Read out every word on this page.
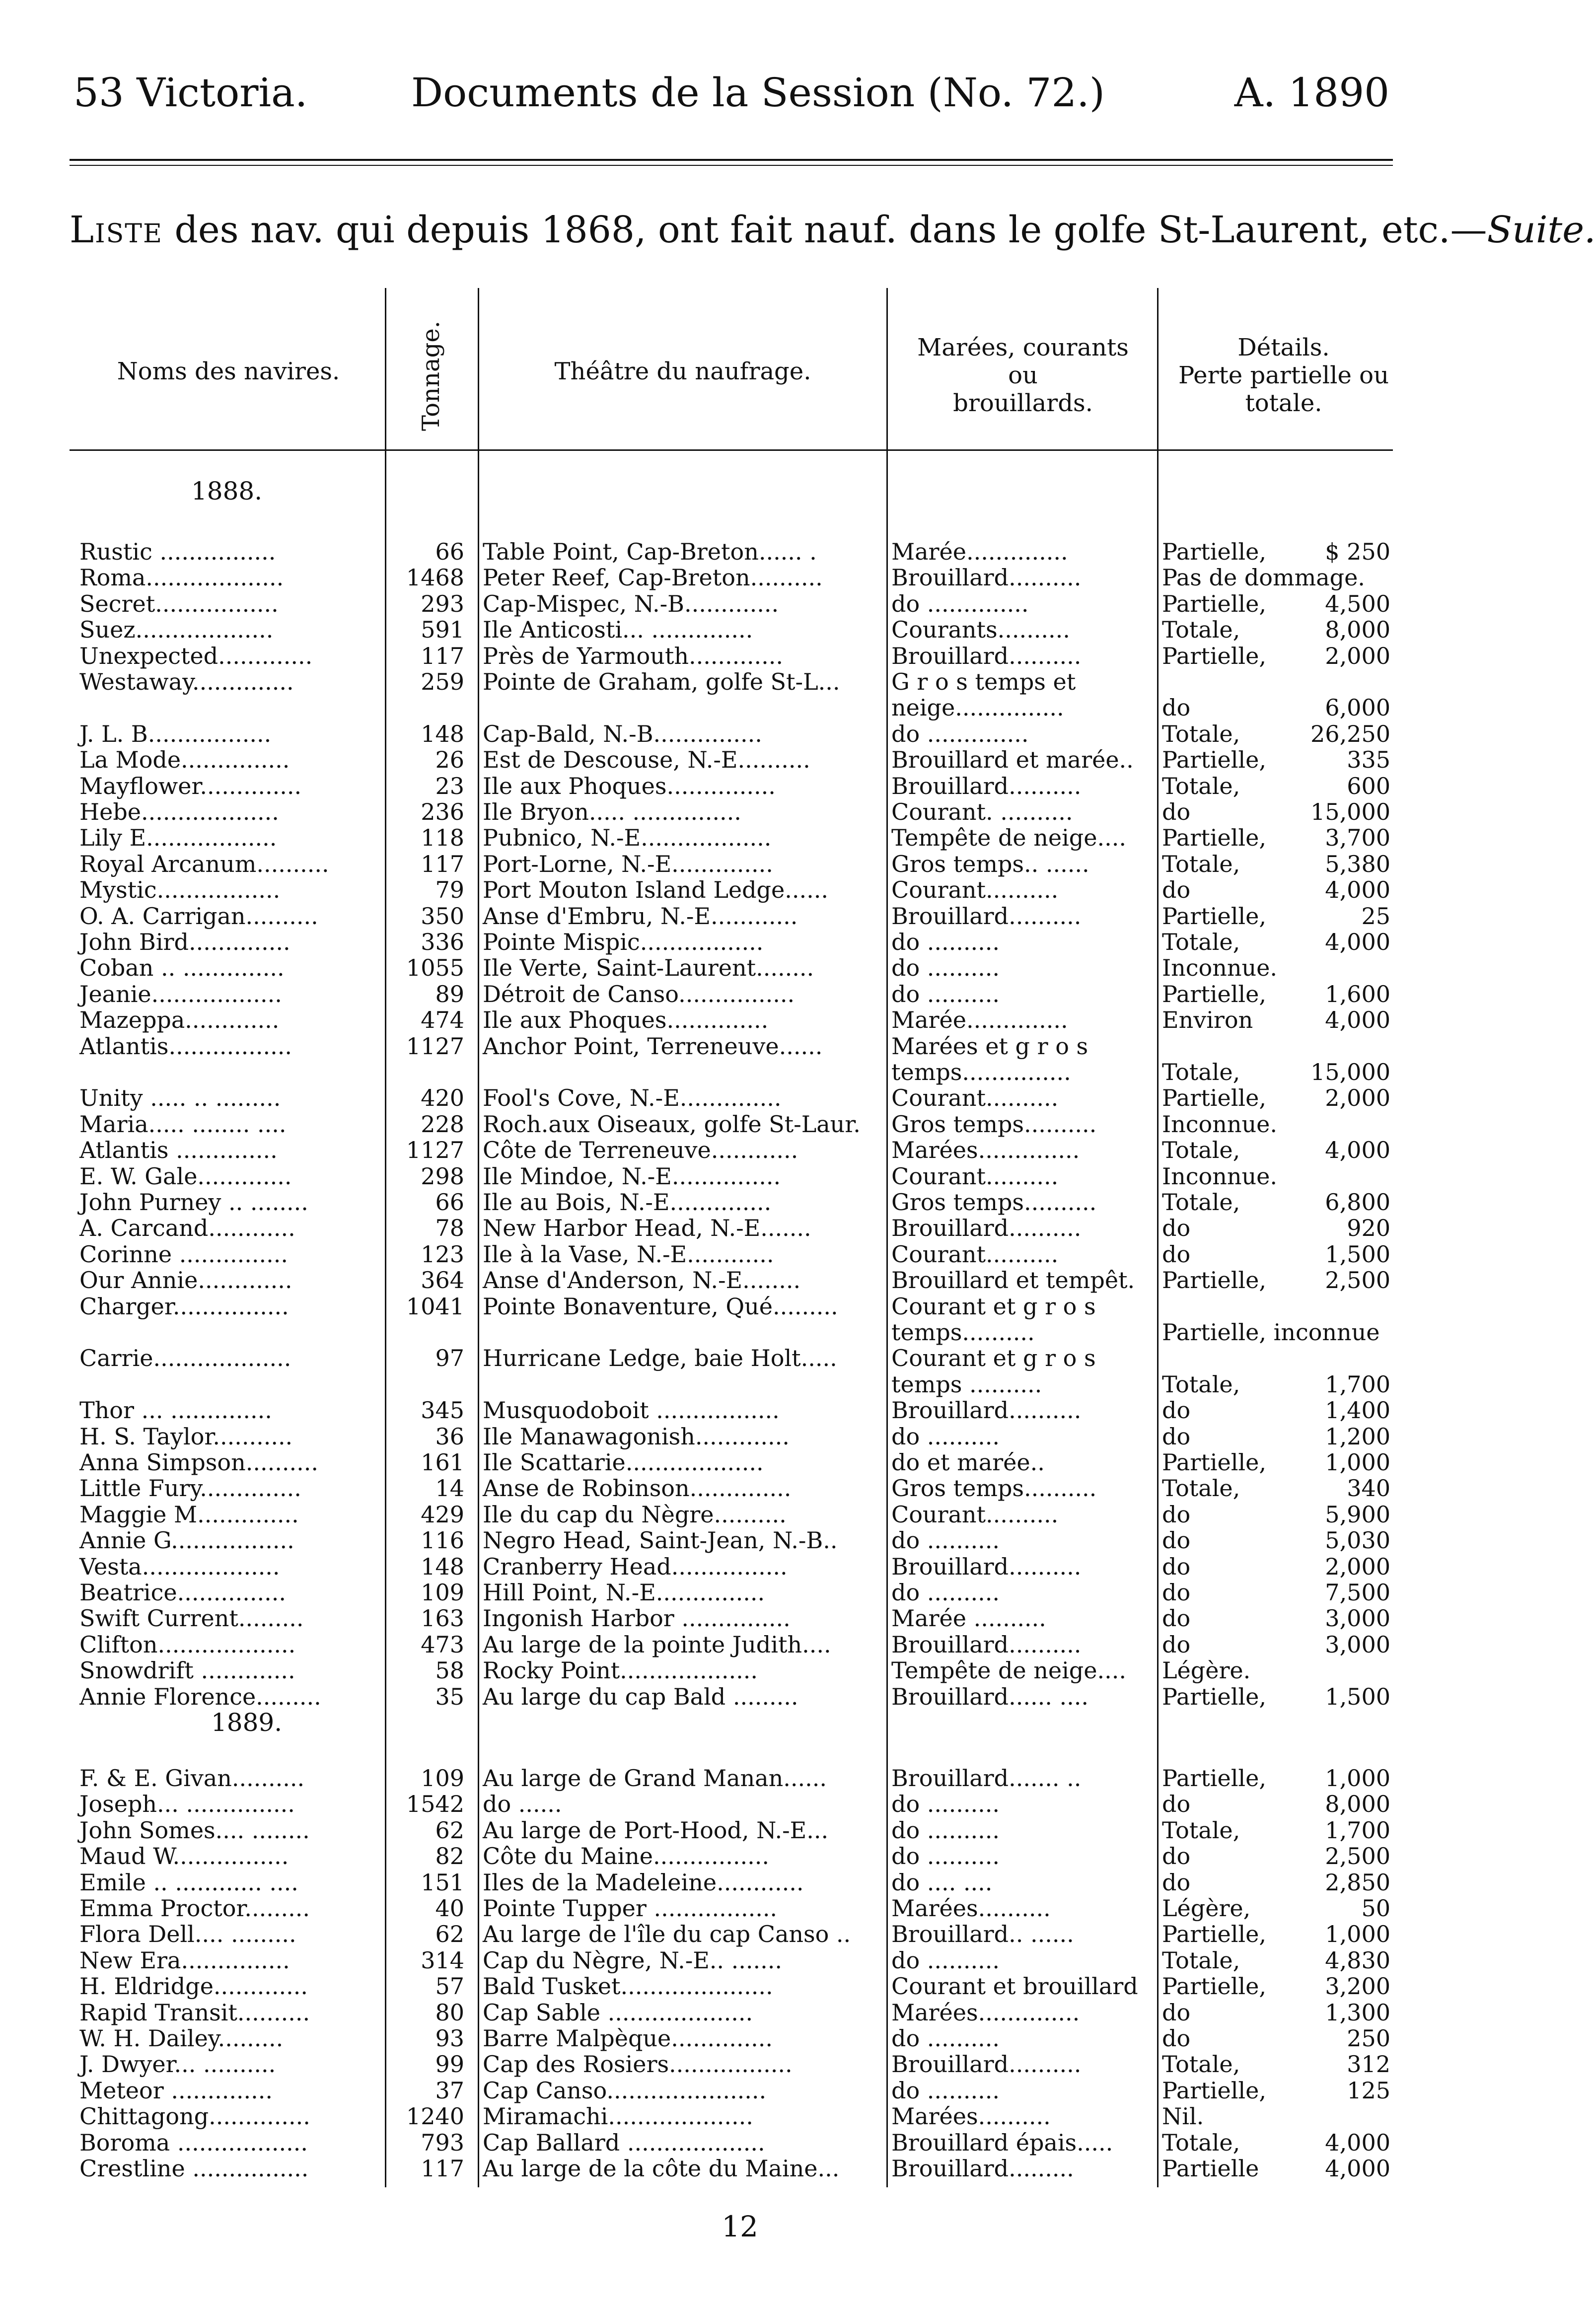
53 Victoria.	Documents de la Session (No. 72.)	A. 1890
Liste des nav. qui depuis 1868, ont fait nauf. dans le golfe St-Laurent, etc.—Suite.
Noms des navires.	Tonnage.	Théâtre du naufrage.
Marées, courants
ou
brouillards.
Détails.
Perte partielle ou
totale.
1888.
Rustic ................	66 Table Point, Cap-Breton...... .	Marée..............	Partielle,	$ 250
Roma...................	1468 Peter Reef, Cap-Breton..........	Brouillard..........	Pas de dommage.
Secret.................	293 Cap-Mispec, N.-B.............	do ..............	Partielle,	4,500
Suez...................	591 Ile Anticosti... ..............	Courants..........	Totale,	8,000
Unexpected.............	117 Près de Yarmouth.............	Brouillard..........	Partielle,	2,000
Westaway..............	259 Pointe de Graham, golfe St-L...	G r o s temps et
neige...............	do	6,000
J. L. B.................	148 Cap-Bald, N.-B...............	do ..............	Totale,	26,250
La Mode...............	26 Est de Descouse, N.-E..........	Brouillard et marée..	Partielle,	335
Mayflower..............	23 Ile aux Phoques...............	Brouillard..........	Totale,	600
Hebe...................	236 Ile Bryon..... ...............	Courant. ..........	do	15,000
Lily E..................	118 Pubnico, N.-E..................	Tempête de neige....	Partielle,	3,700
Royal Arcanum..........	117 Port-Lorne, N.-E..............	Gros temps.. ......	Totale,	5,380
Mystic.................	79 Port Mouton Island Ledge......	Courant..........	do	4,000
O. A. Carrigan..........	350 Anse d'Embru, N.-E............	Brouillard..........	Partielle,	25
John Bird..............	336 Pointe Mispic.................	do ..........	Totale,	4,000
Coban .. ..............	1055 Ile Verte, Saint-Laurent........	do ..........	Inconnue.
Jeanie..................	89 Détroit de Canso................	do ..........	Partielle,	1,600
Mazeppa.............	474 Ile aux Phoques..............	Marée..............	Environ	4,000
Atlantis.................	1127 Anchor Point, Terreneuve......	Marées et g r o s
temps...............	Totale,	15,000
Unity ..... .. .........	420 Fool's Cove, N.-E..............	Courant..........	Partielle,	2,000
Maria..... ........ ....	228 Roch.aux Oiseaux, golfe St-Laur.	Gros temps..........	Inconnue.
Atlantis ..............	1127 Côte de Terreneuve............	Marées..............	Totale,	4,000
E. W. Gale.............	298 Ile Mindoe, N.-E...............	Courant..........	Inconnue.
John Purney .. ........	66 Ile au Bois, N.-E..............	Gros temps..........	Totale,	6,800
A. Carcand............	78 New Harbor Head, N.-E.......	Brouillard..........	do	920
Corinne ...............	123 Ile à la Vase, N.-E............	Courant..........	do	1,500
Our Annie.............	364 Anse d'Anderson, N.-E........	Brouillard et tempêt.	Partielle,	2,500
Charger................	1041 Pointe Bonaventure, Qué.........	Courant et g r o s
temps..........	Partielle, inconnue
Carrie...................	97 Hurricane Ledge, baie Holt.....	Courant et g r o s
temps ..........	Totale,	1,700
Thor ... ..............	345 Musquodoboit .................	Brouillard..........	do	1,400
H. S. Taylor...........	36 Ile Manawagonish.............	do ..........	do	1,200
Anna Simpson..........	161 Ile Scattarie...................	do et marée..	Partielle,	1,000
Little Fury..............	14 Anse de Robinson..............	Gros temps..........	Totale,	340
Maggie M..............	429 Ile du cap du Nègre..........	Courant..........	do	5,900
Annie G.................	116 Negro Head, Saint-Jean, N.-B..	do ..........	do	5,030
Vesta...................	148 Cranberry Head................	Brouillard..........	do	2,000
Beatrice...............	109 Hill Point, N.-E...............	do ..........	do	7,500
Swift Current.........	163 Ingonish Harbor ...............	Marée ..........	do	3,000
Clifton...................	473 Au large de la pointe Judith....	Brouillard..........	do	3,000
Snowdrift .............	58 Rocky Point...................	Tempête de neige....	Légère.
Annie Florence.........	35 Au large du cap Bald .........	Brouillard...... ....	Partielle,	1,500
1889.
F. & E. Givan..........	109 Au large de Grand Manan......	Brouillard....... ..	Partielle,	1,000
Joseph... ...............	1542 do ......	do ..........	do	8,000
John Somes.... ........	62 Au large de Port-Hood, N.-E...	do ..........	Totale,	1,700
Maud W................	82 Côte du Maine................	do ..........	do	2,500
Emile .. ............ ....	151 Iles de la Madeleine............	do .... ....	do	2,850
Emma Proctor.........	40 Pointe Tupper .................	Marées..........	Légère,	50
Flora Dell.... .........	62 Au large de l'île du cap Canso ..	Brouillard.. ......	Partielle,	1,000
New Era...............	314 Cap du Nègre, N.-E.. .......	do ..........	Totale,	4,830
H. Eldridge.............	57 Bald Tusket.....................	Courant et brouillard	Partielle,	3,200
Rapid Transit..........	80 Cap Sable ....................	Marées..............	do	1,300
W. H. Dailey.........	93 Barre Malpèque..............	do ..........	do	250
J. Dwyer... ..........	99 Cap des Rosiers.................	Brouillard..........	Totale,	312
Meteor ..............	37 Cap Canso......................	do ..........	Partielle,	125
Chittagong..............	1240 Miramachi....................	Marées..........	Nil.
Boroma ..................	793 Cap Ballard ...................	Brouillard épais.....	Totale,	4,000
Crestline ................	117 Au large de la côte du Maine...	Brouillard.........	Partielle	4,000
12
